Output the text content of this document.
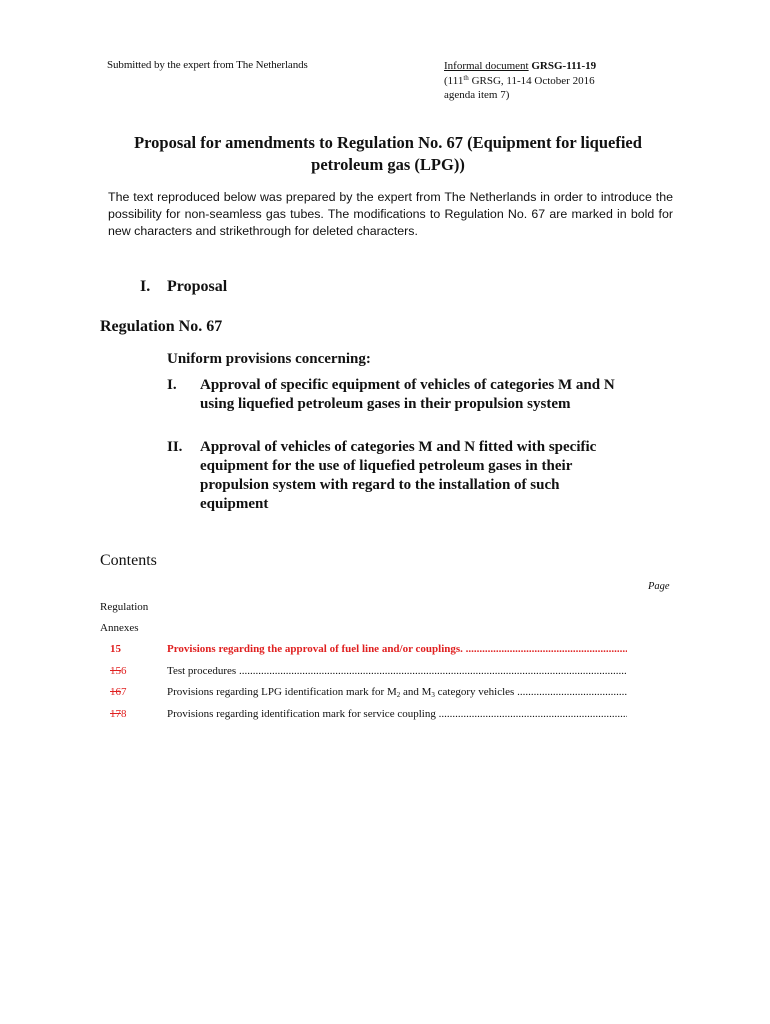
Submitted by the expert from The Netherlands	Informal document GRSG-111-19
(111th GRSG, 11-14 October 2016
agenda item 7)
Proposal for amendments to Regulation No. 67 (Equipment for liquefied petroleum gas (LPG))
The text reproduced below was prepared by the expert from The Netherlands in order to introduce the possibility for non-seamless gas tubes. The modifications to Regulation No. 67 are marked in bold for new characters and strikethrough for deleted characters.
I. Proposal
Regulation No. 67
Uniform provisions concerning:
I. Approval of specific equipment of vehicles of categories M and N using liquefied petroleum gases in their propulsion system
II. Approval of vehicles of categories M and N fitted with specific equipment for the use of liquefied petroleum gases in their propulsion system with regard to the installation of such equipment
Contents
Page
Regulation
Annexes
15	Provisions regarding the approval of fuel line and/or couplings. .....
156	Test procedures .....
167	Provisions regarding LPG identification mark for $M_2$ and $M_3$ category vehicles .....
178	Provisions regarding identification mark for service coupling .....
